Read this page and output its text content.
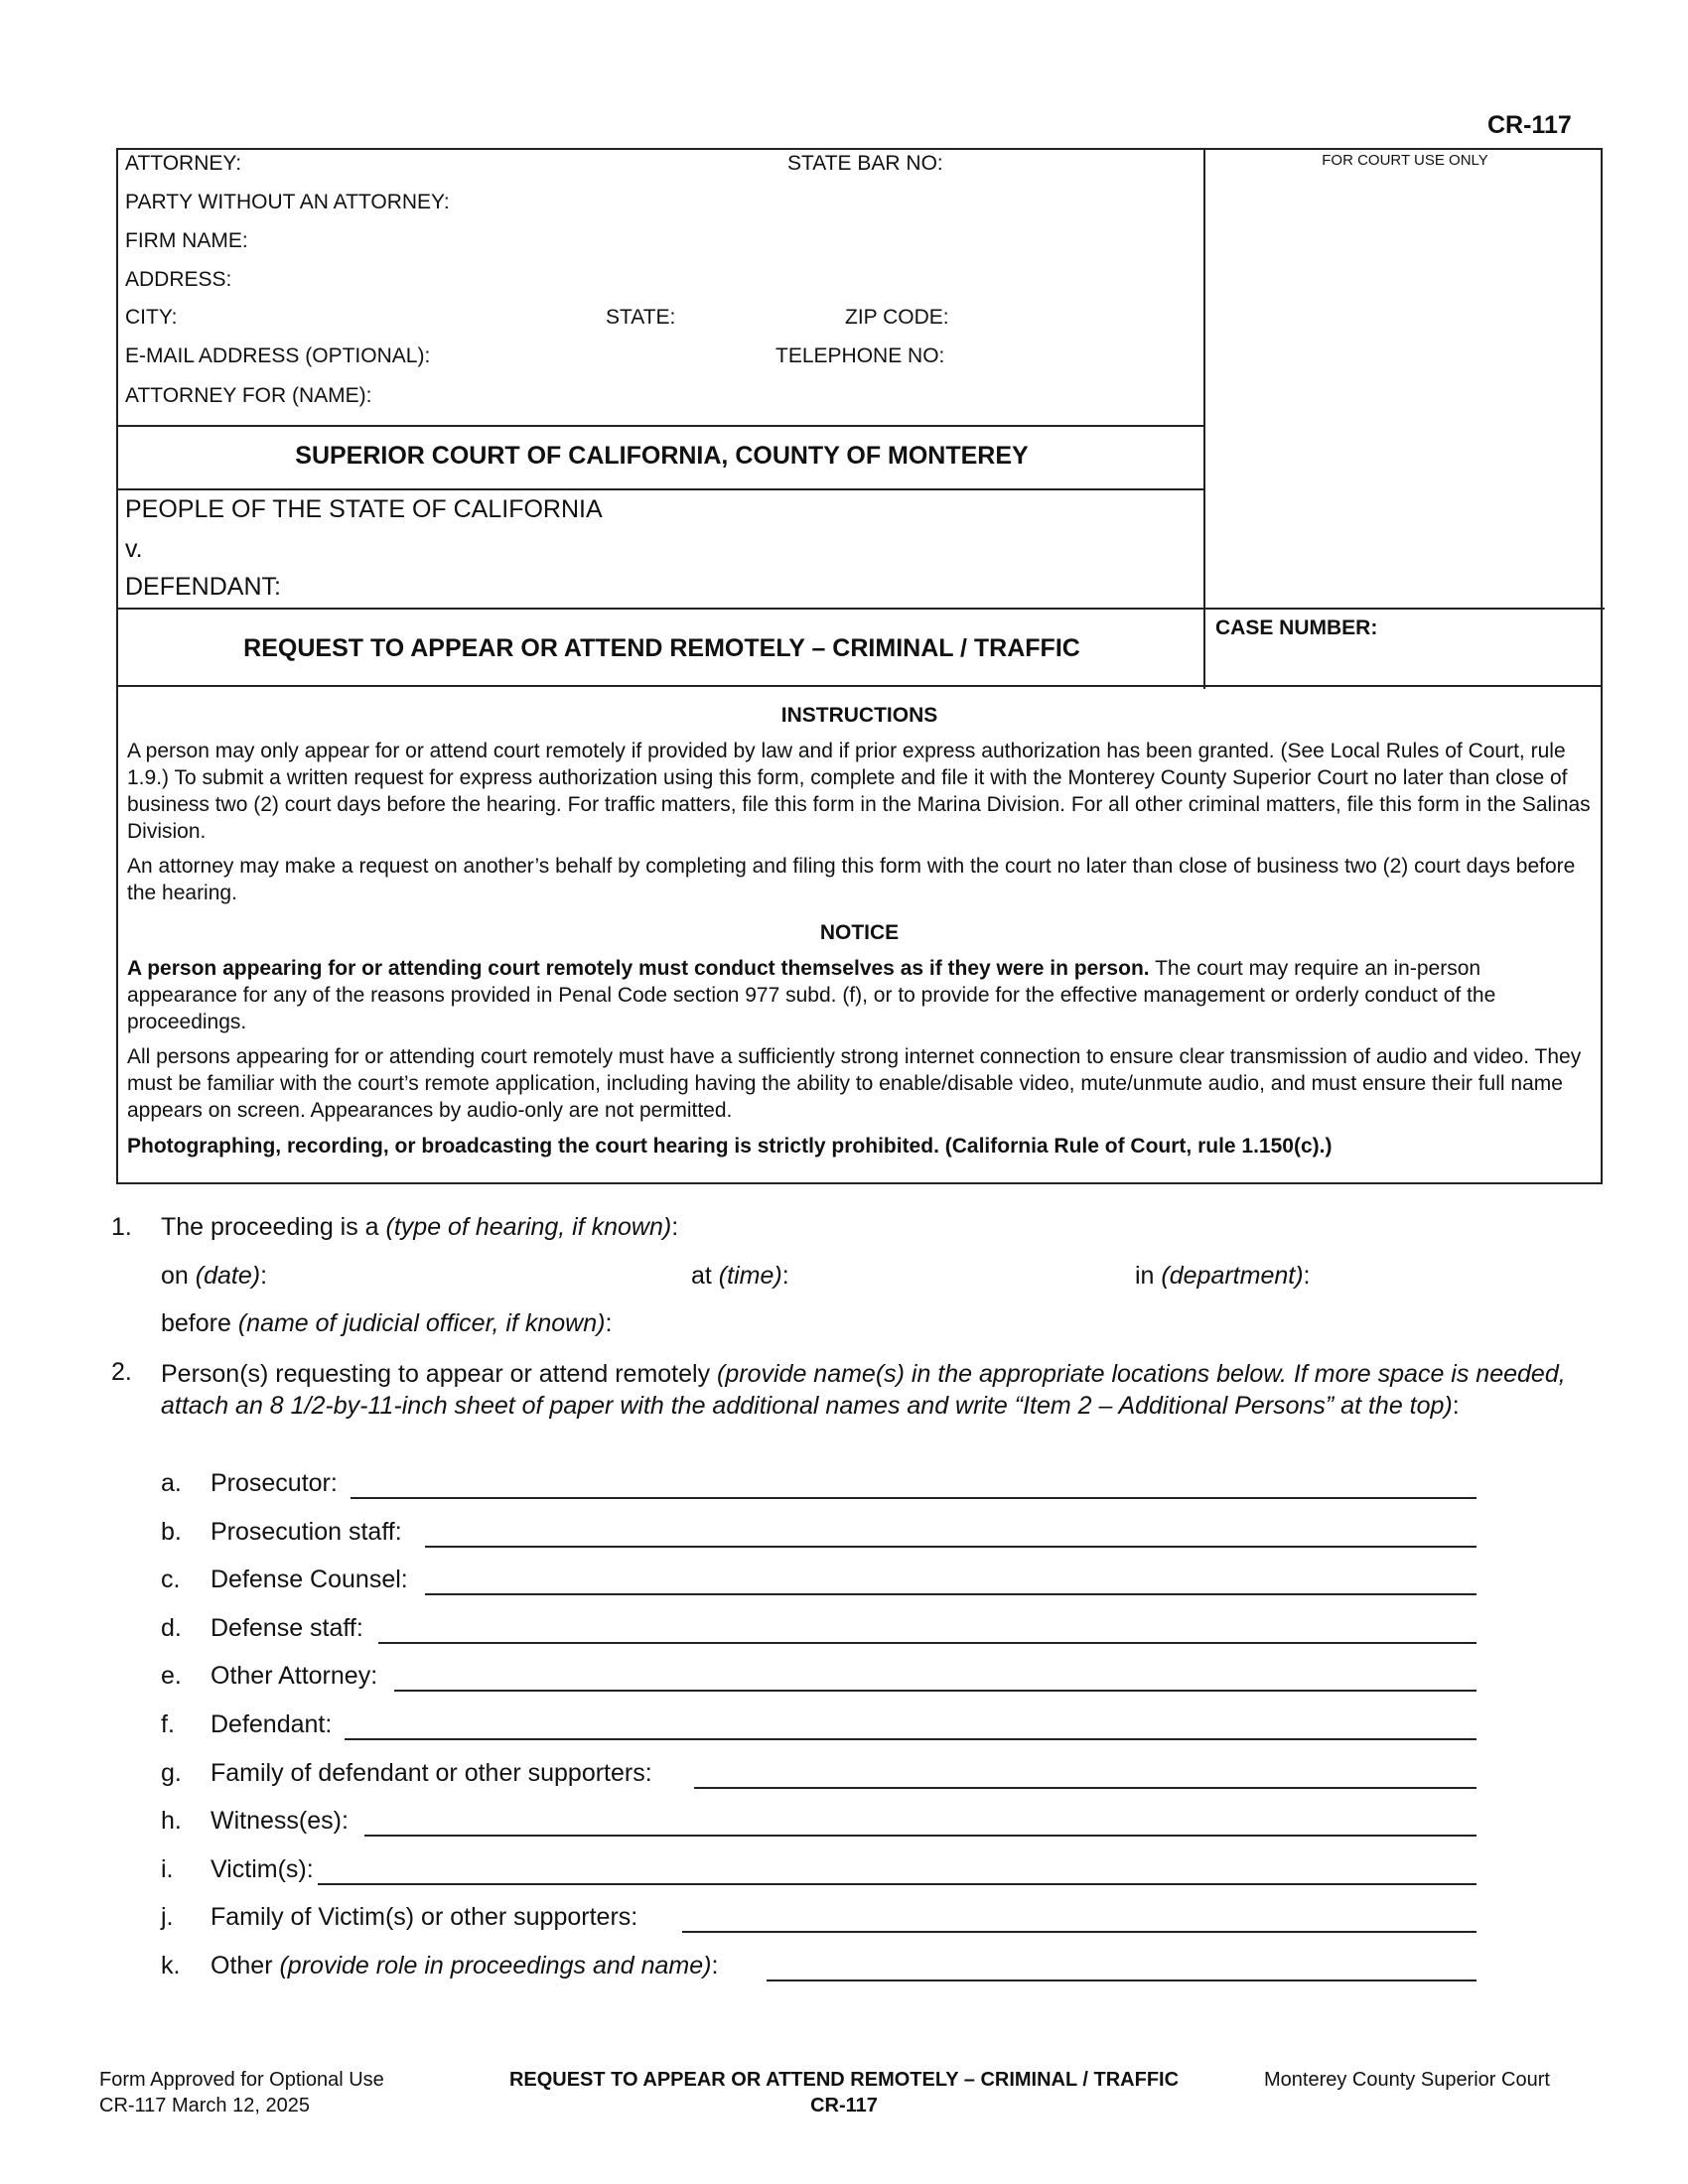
CR-117
ATTORNEY:	STATE BAR NO:
PARTY WITHOUT AN ATTORNEY:
FIRM NAME:
ADDRESS:
CITY:	STATE:	ZIP CODE:
E-MAIL ADDRESS (OPTIONAL):	TELEPHONE NO:
ATTORNEY FOR (NAME):
FOR COURT USE ONLY
SUPERIOR COURT OF CALIFORNIA, COUNTY OF MONTEREY
PEOPLE OF THE STATE OF CALIFORNIA
v.
DEFENDANT:
CASE NUMBER:
REQUEST TO APPEAR OR ATTEND REMOTELY – CRIMINAL / TRAFFIC
INSTRUCTIONS
A person may only appear for or attend court remotely if provided by law and if prior express authorization has been granted. (See Local Rules of Court, rule 1.9.) To submit a written request for express authorization using this form, complete and file it with the Monterey County Superior Court no later than close of business two (2) court days before the hearing. For traffic matters, file this form in the Marina Division. For all other criminal matters, file this form in the Salinas Division.
An attorney may make a request on another’s behalf by completing and filing this form with the court no later than close of business two (2) court days before the hearing.
NOTICE
A person appearing for or attending court remotely must conduct themselves as if they were in person. The court may require an in-person appearance for any of the reasons provided in Penal Code section 977 subd. (f), or to provide for the effective management or orderly conduct of the proceedings.
All persons appearing for or attending court remotely must have a sufficiently strong internet connection to ensure clear transmission of audio and video. They must be familiar with the court’s remote application, including having the ability to enable/disable video, mute/unmute audio, and must ensure their full name appears on screen. Appearances by audio-only are not permitted.
Photographing, recording, or broadcasting the court hearing is strictly prohibited. (California Rule of Court, rule 1.150(c).)
1. The proceeding is a (type of hearing, if known):
on (date):	at (time):	in (department):
before (name of judicial officer, if known):
2. Person(s) requesting to appear or attend remotely (provide name(s) in the appropriate locations below. If more space is needed, attach an 8 1/2-by-11-inch sheet of paper with the additional names and write “Item 2 – Additional Persons” at the top):
a. Prosecutor:
b. Prosecution staff:
c. Defense Counsel:
d. Defense staff:
e. Other Attorney:
f. Defendant:
g. Family of defendant or other supporters:
h. Witness(es):
i. Victim(s):
j. Family of Victim(s) or other supporters:
k. Other (provide role in proceedings and name):
Form Approved for Optional Use
CR-117 March 12, 2025
REQUEST TO APPEAR OR ATTEND REMOTELY – CRIMINAL / TRAFFIC
CR-117
Monterey County Superior Court
